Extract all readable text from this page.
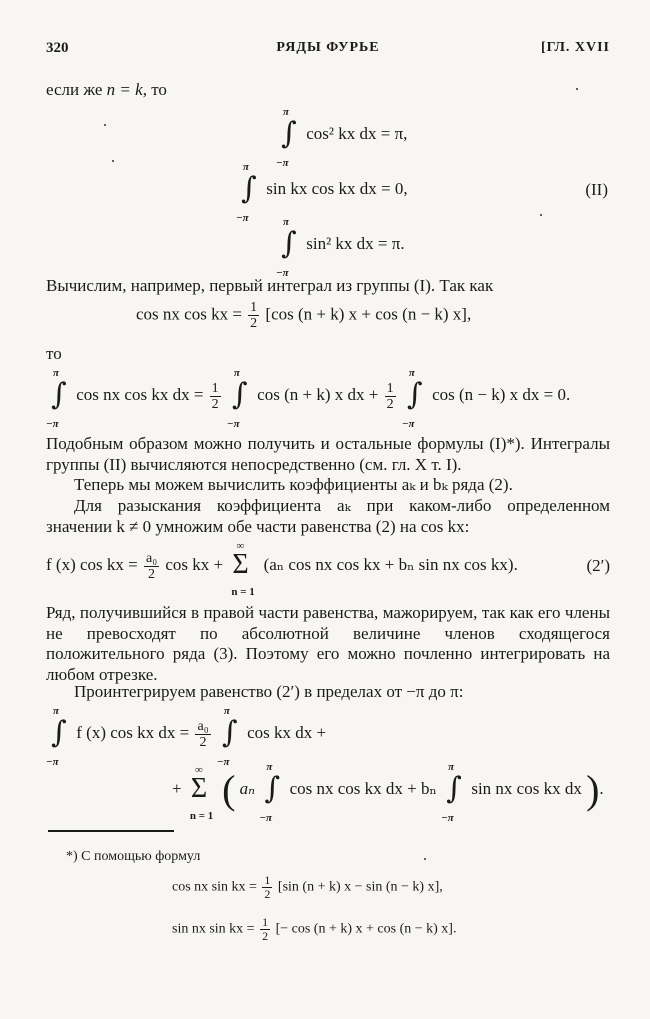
320	РЯДЫ ФУРЬЕ	[ГЛ. XVII
если же n = k, то
π
∫
−π
cos² kx dx = π,
π
∫
−π
sin kx cos kx dx = 0,	(II)
π
∫
−π
sin² kx dx = π.
Вычислим, например, первый интеграл из группы (I). Так как
cos nx cos kx = $\frac{1}{2} [\cos$ (n + k) x + cos (n − k) x],
то
π
∫
−π
cos nx cos kx dx = $\frac{1}{2}$

π
∫
−π
cos (n + k) x dx + $\frac{1}{2}$

π
∫
−π
cos (n − k) x dx = 0.
Подобным образом можно получить и остальные формулы (I)*). Интегралы группы (II) вычисляются непосредственно (см. гл. X т. I).
Теперь мы можем вычислить коэффициенты aₖ и bₖ ряда (2).
Для разыскания коэффициента aₖ при каком-либо определенном значении k ≠ 0 умножим обе части равенства (2) на cos kx:
f (x) cos kx = $\frac{\text{a₀}}{2}$ cos kx +
∞
Σ
n = 1
(aₙ cos nx cos kx + bₙ sin nx cos kx).	(2′)
Ряд, получившийся в правой части равенства, мажорируем, так как его члены не превосходят по абсолютной величине членов сходящегося положительного ряда (3). Поэтому его можно почленно интегрировать на любом отрезке.
Проинтегрируем равенство (2′) в пределах от −π до π:
π
∫
−π
f (x) cos kx dx = $\frac{\text{a₀}}{2}$

π
∫
−π
cos kx dx +
+
∞
Σ
n = 1
( aₙ
π
∫
−π
cos nx cos kx dx + bₙ
π
∫
−π
sin nx cos kx dx ).
*) С помощью формул
cos nx sin kx = $\frac{1}{2} [\sin$ (n + k) x − sin (n − k) x],
sin nx sin kx = $\frac{1}{2}$ [− cos (n + k) x + cos (n − k) x].
